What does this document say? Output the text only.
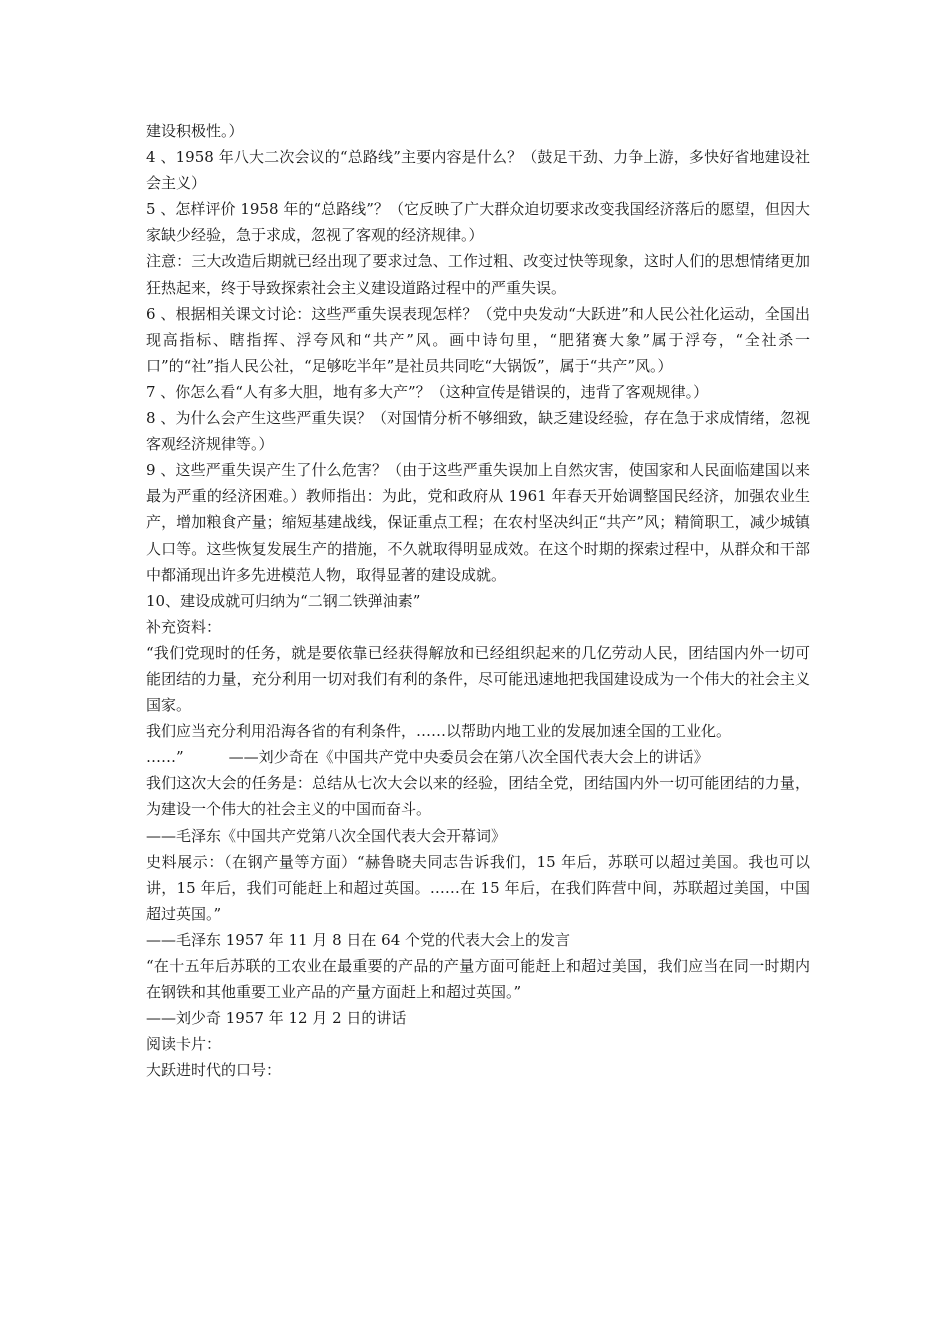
建设积极性。）

4 、1958 年八大二次会议的“总路线”主要内容是什么？（鼓足干劲、力争上游，多快好省地建设社会主义）

5 、怎样评价 1958 年的“总路线”？（它反映了广大群众迫切要求改变我国经济落后的愿望，但因大家缺少经验，急于求成，忽视了客观的经济规律。）

注意：三大改造后期就已经出现了要求过急、工作过粗、改变过快等现象，这时人们的思想情绪更加狂热起来，终于导致探索社会主义建设道路过程中的严重失误。

6 、根据相关课文讨论：这些严重失误表现怎样？（党中央发动“大跃进”和人民公社化运动，全国出现高指标、瞎指挥、浮夸风和“共产”风。画中诗句里，“肥猪赛大象”属于浮夸，“全社杀一口”的“社”指人民公社，“足够吃半年”是社员共同吃“大锅饭”，属于“共产”风。）

7 、你怎么看“人有多大胆，地有多大产”？（这种宣传是错误的，违背了客观规律。）

8 、为什么会产生这些严重失误？（对国情分析不够细致，缺乏建设经验，存在急于求成情绪，忽视客观经济规律等。）

9 、这些严重失误产生了什么危害？（由于这些严重失误加上自然灾害，使国家和人民面临建国以来最为严重的经济困难。）教师指出：为此，党和政府从 1961 年春天开始调整国民经济，加强农业生产，增加粮食产量；缩短基建战线，保证重点工程；在农村坚决纠正“共产”风；精简职工，减少城镇人口等。这些恢复发展生产的措施，不久就取得明显成效。在这个时期的探索过程中，从群众和干部中都涌现出许多先进模范人物，取得显著的建设成就。

10、建设成就可归纳为“二钢二铁弹油素”

补充资料：

“我们党现时的任务，就是要依靠已经获得解放和已经组织起来的几亿劳动人民，团结国内外一切可能团结的力量，充分利用一切对我们有利的条件，尽可能迅速地把我国建设成为一个伟大的社会主义国家。

我们应当充分利用沿海各省的有利条件，……以帮助内地工业的发展加速全国的工业化。

……”　　　——刘少奇在《中国共产党中央委员会在第八次全国代表大会上的讲话》

我们这次大会的任务是：总结从七次大会以来的经验，团结全党，团结国内外一切可能团结的力量，为建设一个伟大的社会主义的中国而奋斗。

——毛泽东《中国共产党第八次全国代表大会开幕词》

史料展示：（在钢产量等方面）“赫鲁晓夫同志告诉我们，15 年后，苏联可以超过美国。我也可以讲，15 年后，我们可能赶上和超过英国。……在 15 年后，在我们阵营中间，苏联超过美国，中国超过英国。”

——毛泽东 1957 年 11 月 8 日在 64 个党的代表大会上的发言

“在十五年后苏联的工农业在最重要的产品的产量方面可能赶上和超过美国，我们应当在同一时期内在钢铁和其他重要工业产品的产量方面赶上和超过英国。”

——刘少奇 1957 年 12 月 2 日的讲话

阅读卡片：

大跃进时代的口号：
